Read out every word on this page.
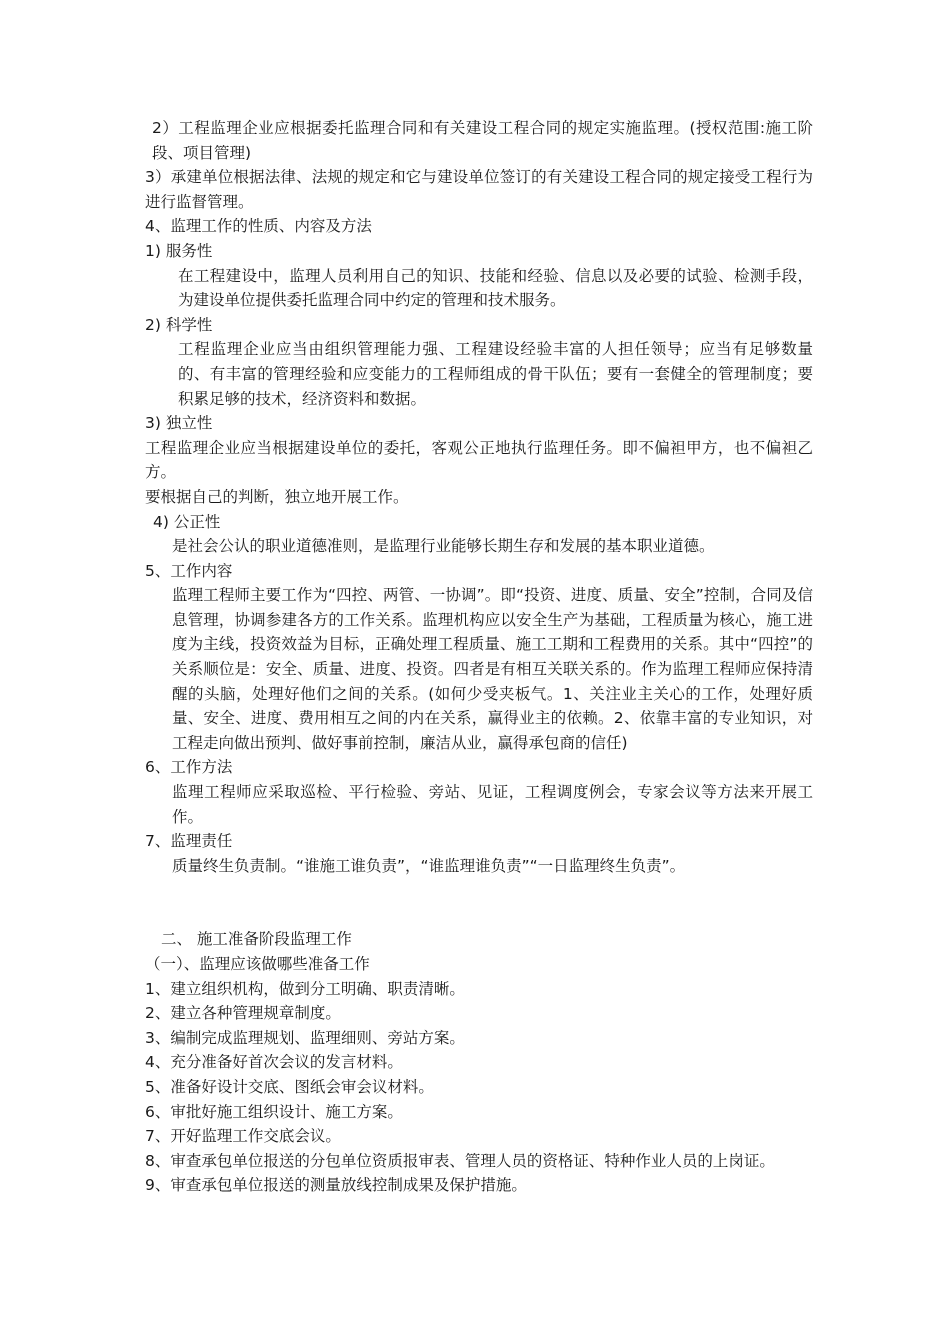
2）工程监理企业应根据委托监理合同和有关建设工程合同的规定实施监理。(授权范围:施工阶段、项目管理)

3）承建单位根据法律、法规的规定和它与建设单位签订的有关建设工程合同的规定接受工程行为进行监督管理。

4、监理工作的性质、内容及方法

1) 服务性

在工程建设中，监理人员利用自己的知识、技能和经验、信息以及必要的试验、检测手段，为建设单位提供委托监理合同中约定的管理和技术服务。

2) 科学性

工程监理企业应当由组织管理能力强、工程建设经验丰富的人担任领导；应当有足够数量的、有丰富的管理经验和应变能力的工程师组成的骨干队伍；要有一套健全的管理制度；要积累足够的技术，经济资料和数据。

3) 独立性

工程监理企业应当根据建设单位的委托，客观公正地执行监理任务。即不偏袒甲方，也不偏袒乙方。

要根据自己的判断，独立地开展工作。

4) 公正性

是社会公认的职业道德准则，是监理行业能够长期生存和发展的基本职业道德。

5、工作内容

监理工程师主要工作为“四控、两管、一协调”。即“投资、进度、质量、安全”控制，合同及信息管理，协调参建各方的工作关系。监理机构应以安全生产为基础，工程质量为核心，施工进度为主线，投资效益为目标，正确处理工程质量、施工工期和工程费用的关系。其中“四控”的关系顺位是：安全、质量、进度、投资。四者是有相互关联关系的。作为监理工程师应保持清醒的头脑，处理好他们之间的关系。(如何少受夹板气。1、关注业主关心的工作，处理好质量、安全、进度、费用相互之间的内在关系，赢得业主的依赖。2、依靠丰富的专业知识，对工程走向做出预判、做好事前控制，廉洁从业，赢得承包商的信任)

6、工作方法

监理工程师应采取巡检、平行检验、旁站、见证，工程调度例会，专家会议等方法来开展工作。

7、监理责任

质量终生负责制。“谁施工谁负责”，“谁监理谁负责”“一日监理终生负责”。

二、 施工准备阶段监理工作

（一）、监理应该做哪些准备工作

1、建立组织机构，做到分工明确、职责清晰。

2、建立各种管理规章制度。

3、编制完成监理规划、监理细则、旁站方案。

4、充分准备好首次会议的发言材料。

5、准备好设计交底、图纸会审会议材料。

6、审批好施工组织设计、施工方案。

7、开好监理工作交底会议。

8、审查承包单位报送的分包单位资质报审表、管理人员的资格证、特种作业人员的上岗证。

9、审查承包单位报送的测量放线控制成果及保护措施。
